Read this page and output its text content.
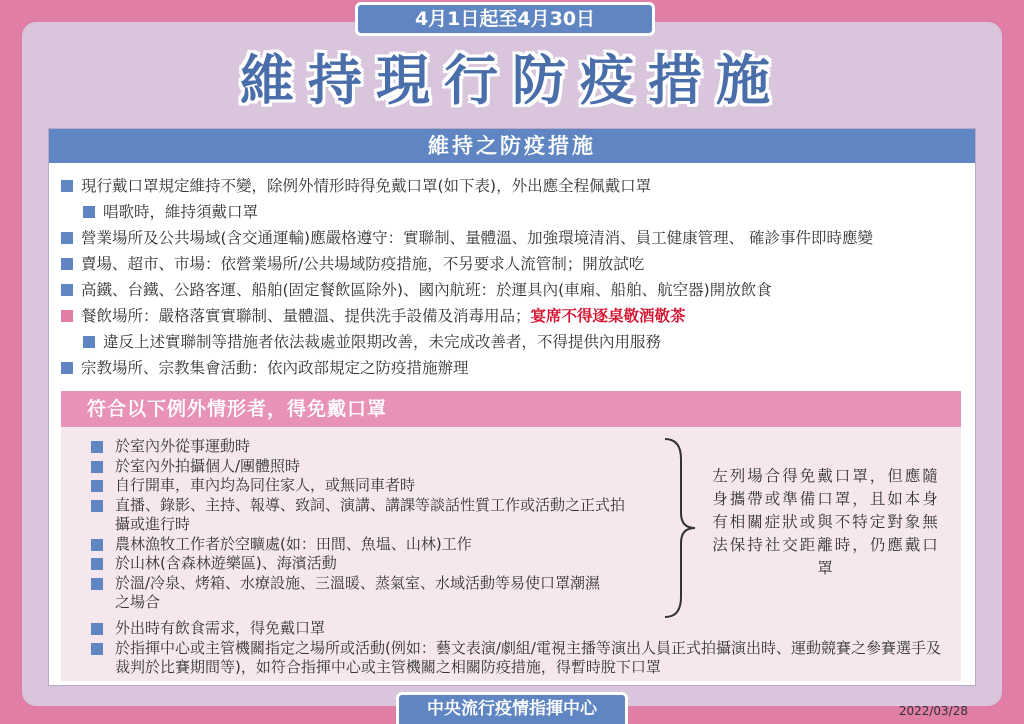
4月1日起至4月30日
維持現行防疫措施
維持之防疫措施
現行戴口罩規定維持不變，除例外情形時得免戴口罩(如下表)，外出應全程佩戴口罩
唱歌時，維持須戴口罩
營業場所及公共場域(含交通運輸)應嚴格遵守：實聯制、量體溫、加強環境清消、員工健康管理、 確診事件即時應變
賣場、超市、市場：依營業場所/公共場域防疫措施，不另要求人流管制；開放試吃
高鐵、台鐵、公路客運、船舶(固定餐飲區除外)、國內航班：於運具內(車廂、船舶、航空器)開放飲食
餐飲場所：嚴格落實實聯制、量體溫、提供洗手設備及消毒用品； 宴席不得逐桌敬酒敬茶
違反上述實聯制等措施者依法裁處並限期改善，未完成改善者，不得提供內用服務
宗教場所、宗教集會活動：依內政部規定之防疫措施辦理
符合以下例外情形者，得免戴口罩
於室內外從事運動時
於室內外拍攝個人/團體照時
自行開車，車內均為同住家人，或無同車者時
直播、錄影、主持、報導、致詞、演講、講課等談話性質工作或活動之正式拍攝或進行時
農林漁牧工作者於空曠處(如：田間、魚塭、山林)工作
於山林(含森林遊樂區)、海濱活動
於溫/冷泉、烤箱、水療設施、三溫暖、蒸氣室、水域活動等易使口罩潮濕之場合
左列場合得免戴口罩，但應隨身攜帶或準備口罩，且如本身有相關症狀或與不特定對象無法保持社交距離時，仍應戴口罩
外出時有飲食需求，得免戴口罩
於指揮中心或主管機關指定之場所或活動(例如：藝文表演/劇組/電視主播等演出人員正式拍攝演出時、運動競賽之參賽選手及裁判於比賽期間等)，如符合指揮中心或主管機關之相關防疫措施，得暫時脫下口罩
中央流行疫情指揮中心	2022/03/28
